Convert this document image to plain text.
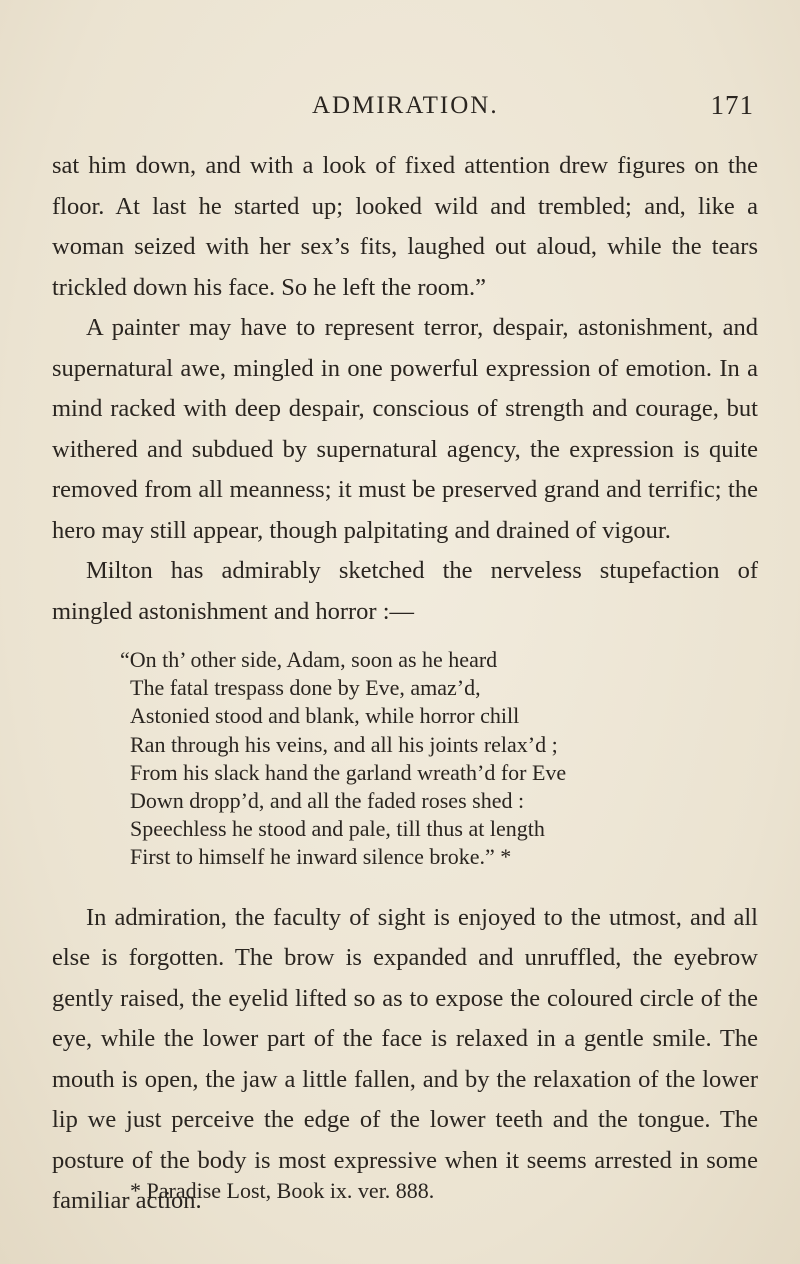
ADMIRATION.	171

sat him down, and with a look of fixed attention drew figures on the floor. At last he started up; looked wild and trembled; and, like a woman seized with her sex’s fits, laughed out aloud, while the tears trickled down his face. So he left the room.”

A painter may have to represent terror, despair, astonishment, and supernatural awe, mingled in one powerful expression of emotion. In a mind racked with deep despair, conscious of strength and courage, but withered and subdued by supernatural agency, the expression is quite removed from all meanness; it must be preserved grand and terrific; the hero may still appear, though palpitating and drained of vigour.

Milton has admirably sketched the nerveless stupefaction of mingled astonishment and horror :—

“On th’ other side, Adam, soon as he heard
The fatal trespass done by Eve, amaz’d,
Astonied stood and blank, while horror chill
Ran through his veins, and all his joints relax’d ;
From his slack hand the garland wreath’d for Eve
Down dropp’d, and all the faded roses shed :
Speechless he stood and pale, till thus at length
First to himself he inward silence broke.” *

In admiration, the faculty of sight is enjoyed to the utmost, and all else is forgotten. The brow is expanded and unruffled, the eyebrow gently raised, the eyelid lifted so as to expose the coloured circle of the eye, while the lower part of the face is relaxed in a gentle smile. The mouth is open, the jaw a little fallen, and by the relaxation of the lower lip we just perceive the edge of the lower teeth and the tongue. The posture of the body is most expressive when it seems arrested in some familiar action.

* Paradise Lost, Book ix. ver. 888.
